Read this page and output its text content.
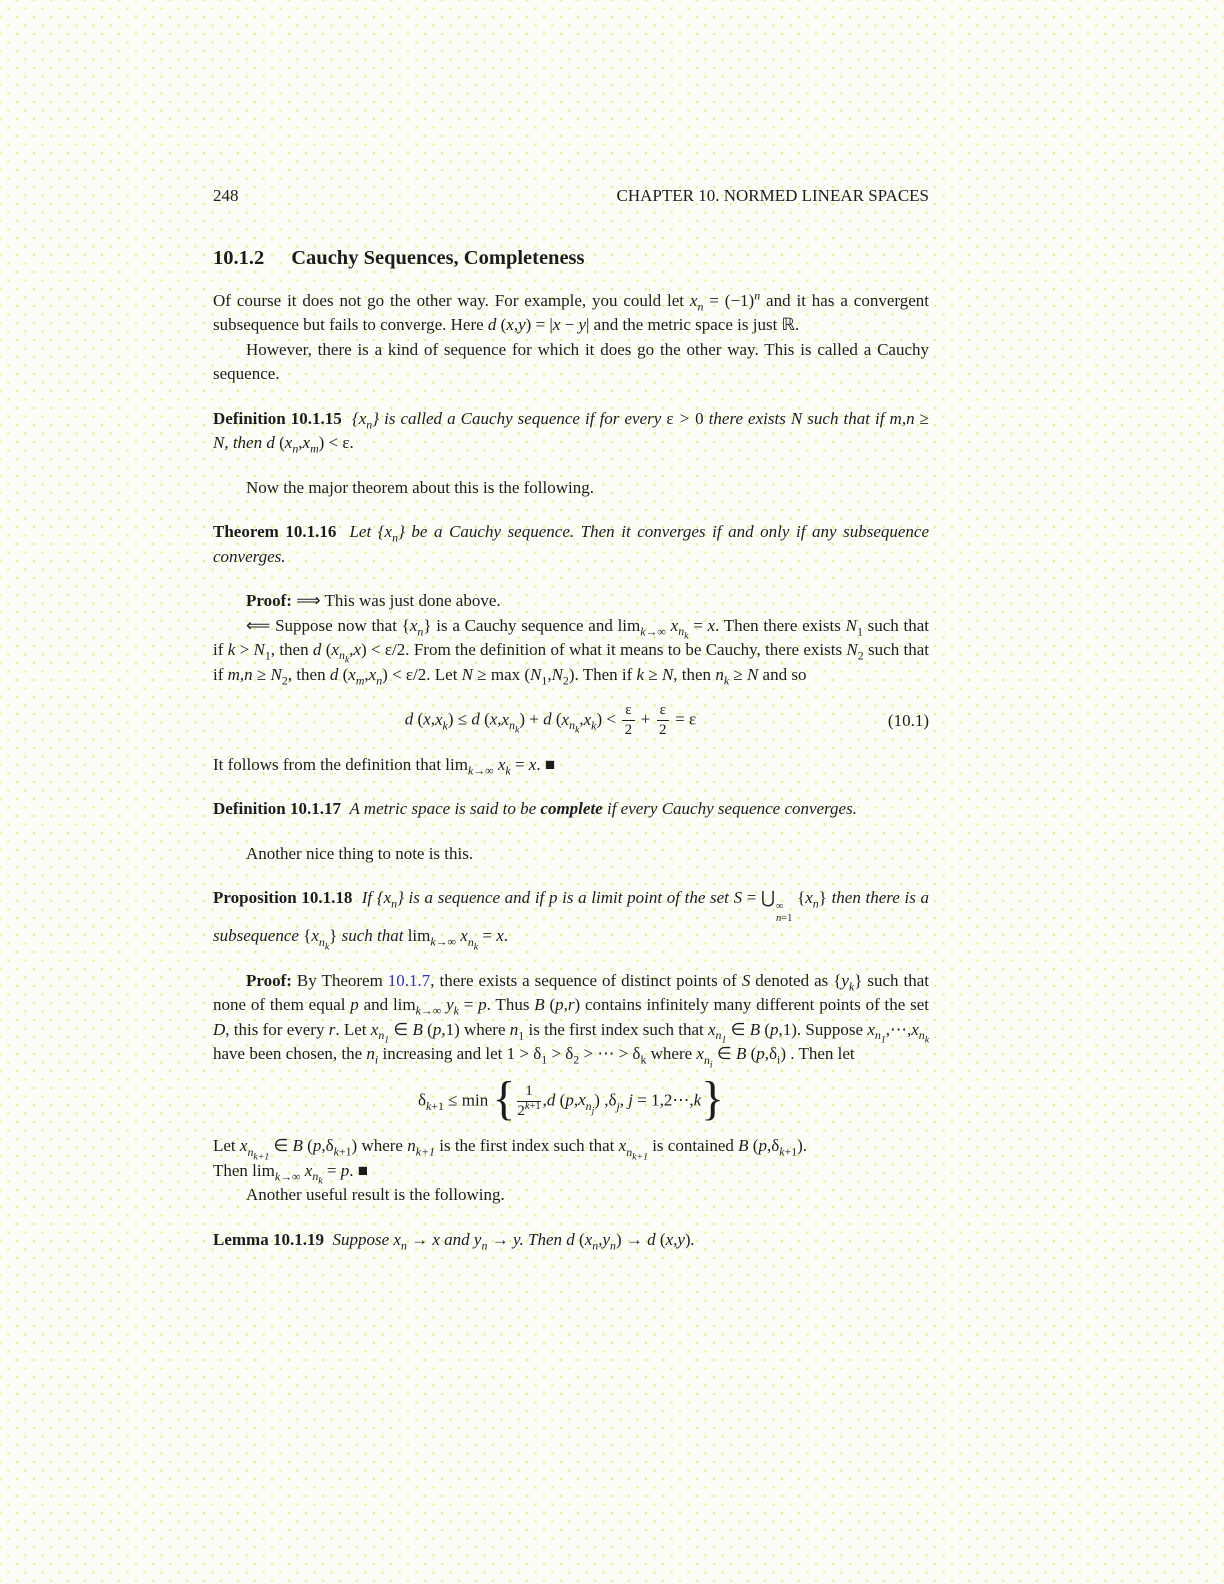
248	CHAPTER 10. NORMED LINEAR SPACES
10.1.2 Cauchy Sequences, Completeness

Of course it does not go the other way. For example, you could let $x_n = (-1)^n$ and it has a convergent subsequence but fails to converge. Here d (x,y) = |x − y| and the metric space is just ℝ.

However, there is a kind of sequence for which it does go the other way. This is called a Cauchy sequence.

Definition 10.1.15 $\{x_n\}$ is called a Cauchy sequence if for every ε > 0 there exists N such that if m,n ≥ N, then d $(x_n,x_m) < \varepsilon$.

Now the major theorem about this is the following.

Theorem 10.1.16 Let $\{x_n\}$ be a Cauchy sequence. Then it converges if and only if any subsequence converges.

Proof: ⟹ This was just done above.

⟸ Suppose now that $\{x_n\}$ is a Cauchy sequence and $\lim_{k\to\infty} x_{n_k} = x$. Then there exists $N_1$ such that if $k > N_1$, then d $(x_{n_k},x) < \varepsilon/2$. From the definition of what it means to be Cauchy, there exists $N_2$ such that if $m,n \ge N_2$, then d $(x_m,x_n) < \varepsilon/2$. Let $N \ge \max (N_1,N_2)$. Then if k ≥ N, then $n_k \ge N$ and so

d $(x,x_k) \le d$ $(x,x_{n_k}) + d$ $(x_{n_k},x_k) < \frac{\varepsilon}{2} + \frac{\varepsilon}{2} = \varepsilon$	(10.1)

It follows from the definition that $\lim_{k\to\infty} x_k = x$. ■

Definition 10.1.17 A metric space is said to be complete if every Cauchy sequence converges.

Another nice thing to note is this.

Proposition 10.1.18 If $\{x_n\}$ is a sequence and if p is a limit point of the set S = ⋃ ∞
n=1
$\{x_n\}$ then there is a subsequence $\{x_{n_k}\}$ such that $\lim_{k\to\infty} x_{n_k} = x$.

Proof: By Theorem 10.1.7, there exists a sequence of distinct points of S denoted as $\{y_k\}$ such that none of them equal p and $\lim_{k\to\infty} y_k = p$. Thus B (p,r) contains infinitely many different points of the set D, this for every r. Let $x_{n_1}$ ∈ B (p,1) where $n_1$ is the first index such that $x_{n_1}$ ∈ B (p,1). Suppose $x_{n_1},\cdots,x_{n_k}$ have been chosen, the $n_i$ increasing and let $1 > \delta_1 > \delta_2$ > ⋯ > $\delta_k$ where $x_{n_i}$ ∈ B $(p,\delta_i)$ . Then let

$\delta_{k+1} \le \min$ { $\frac{1}{2^{k+1}} ,d$ $(p,x_{n_j})$ $,\delta_j$, j = 1,2⋯,k}

Let $x_{n_{k+1}}$ ∈ B $(p,\delta_{k+1})$ where $n_{k+1}$ is the first index such that $x_{n_{k+1}}$ is contained B $(p,\delta_{k+1})$.

Then $\lim_{k\to\infty} x_{n_k} = p$. ■

Another useful result is the following.

Lemma 10.1.19 Suppose $x_n \to x$ and $y_n \to y$. Then d $(x_n,y_n) \to d$ (x,y).
